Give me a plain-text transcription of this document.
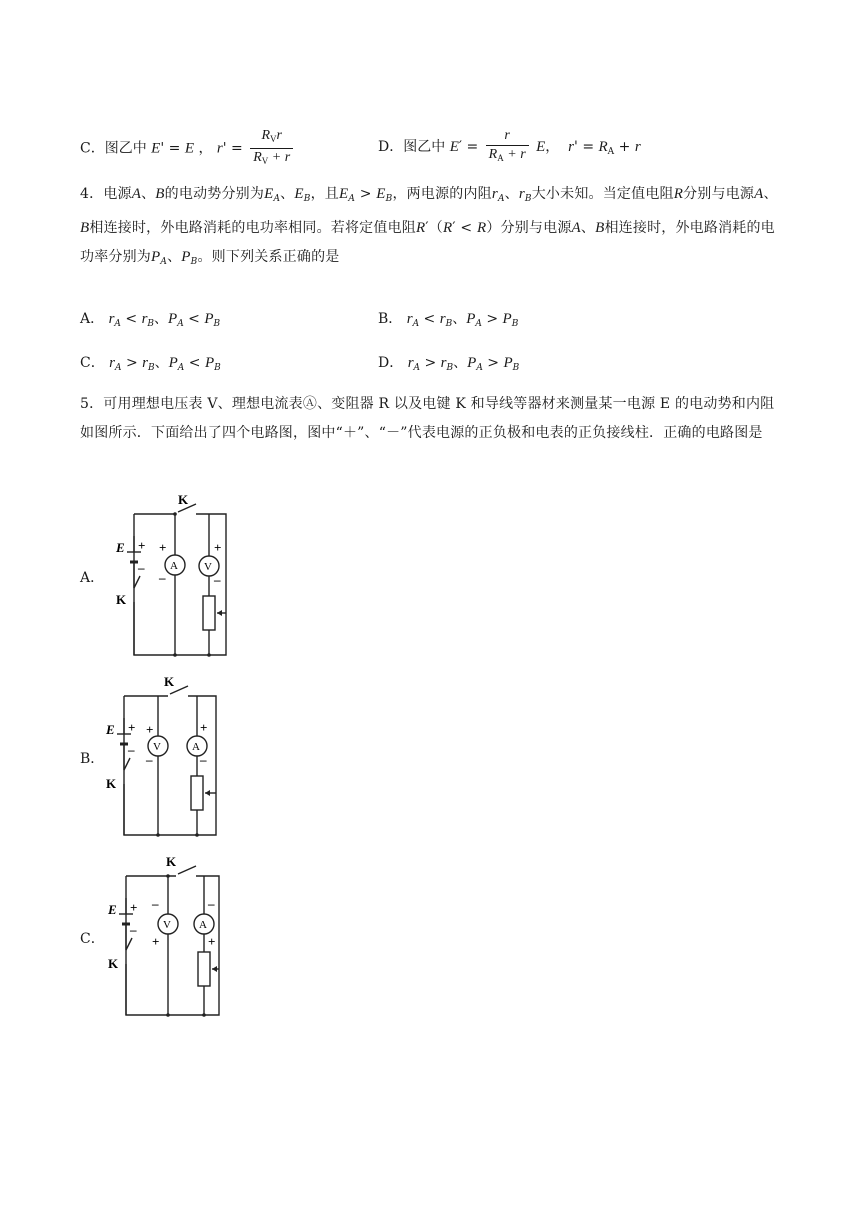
C．图乙中 E' = E ， $r' = \frac{R_Vr}{R_V + r}$	D．图乙中 $E' = \frac{r}{R_A + r}$ E， $r' = R_A + r$
4．电源A、B的电动势分别为$E_A$、$E_B$，且$E_A > E_B$，两电源的内阻$r_A$、$r_B$大小未知。当定值电阻R分别与电源A、B相连接时，外电路消耗的电功率相同。若将定值电阻R′（R′ < R）分别与电源A、B相连接时，外电路消耗的电功率分别为$P_A$、$P_B$。则下列关系正确的是
A． $r_A < r_B$、$P_A < P_B$	B． $r_A < r_B$、$P_A > P_B$
C． $r_A > r_B$、$P_A < P_B$	D． $r_A > r_B$、$P_A > P_B$
5．可用理想电压表 V、理想电流表Ⓐ、变阻器 R 以及电键 K 和导线等器材来测量某一电源 E 的电动势和内阻如图所示．下面给出了四个电路图，图中“＋”、“－”代表电源的正负极和电表的正负接线柱．正确的电路图是
A．
B．
C．
A V
E +
–
K
K
+
–
+
–
V	A
E +
–
K
K
+
–
+
–
V	A
E +
–
K
K
–
+
–
+
